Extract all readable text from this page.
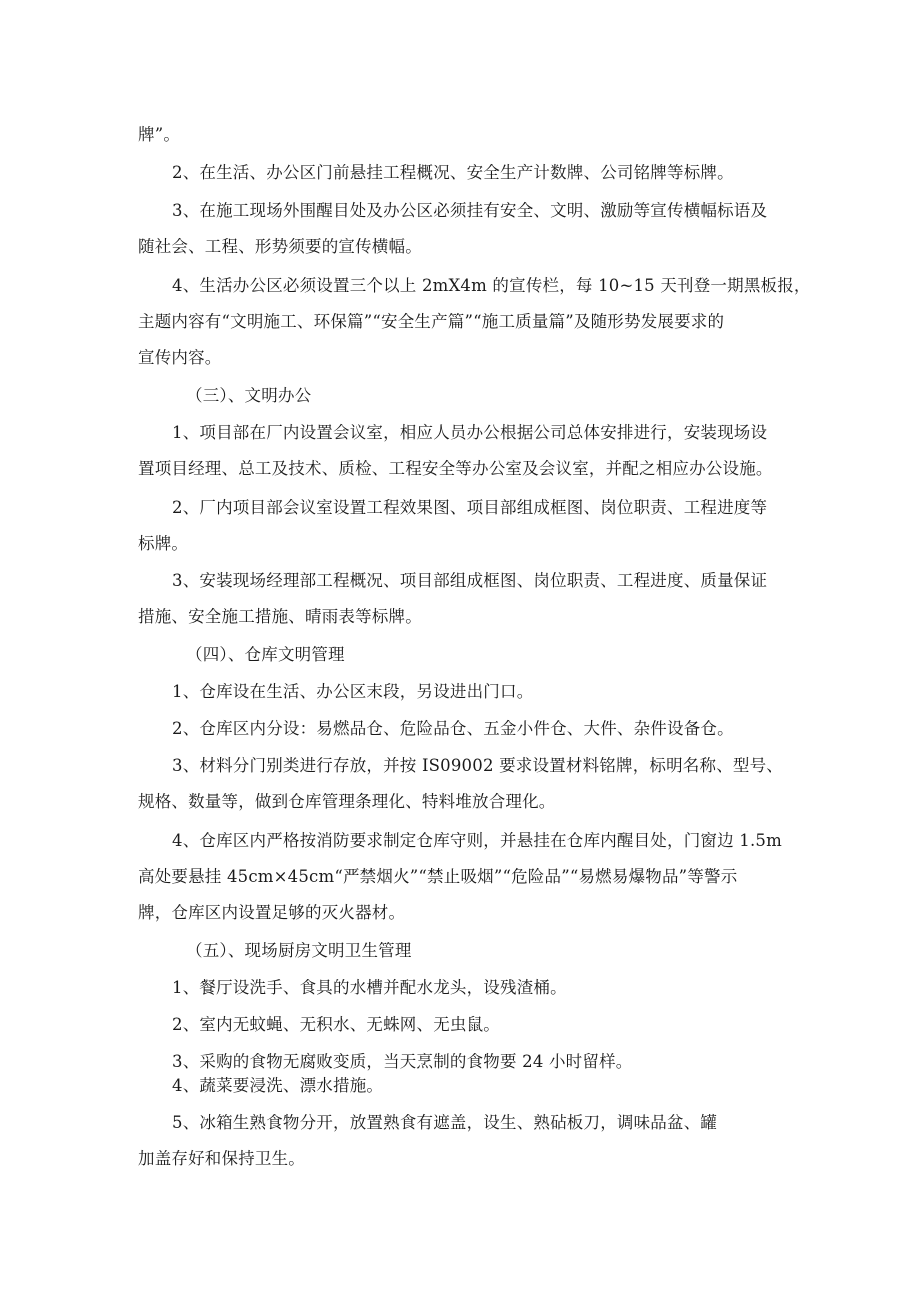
牌”。
2、在生活、办公区门前悬挂工程概况、安全生产计数牌、公司铭牌等标牌。
3、在施工现场外围醒目处及办公区必须挂有安全、文明、激励等宣传横幅标语及
随社会、工程、形势须要的宣传横幅。
4、生活办公区必须设置三个以上 2mX4m 的宣传栏，每 10~15 天刊登一期黑板报，
主题内容有“文明施工、环保篇”“安全生产篇”“施工质量篇”及随形势发展要求的
宣传内容。
（三）、文明办公
1、项目部在厂内设置会议室，相应人员办公根据公司总体安排进行，安装现场设
置项目经理、总工及技术、质检、工程安全等办公室及会议室，并配之相应办公设施。
2、厂内项目部会议室设置工程效果图、项目部组成框图、岗位职责、工程进度等
标牌。
3、安装现场经理部工程概况、项目部组成框图、岗位职责、工程进度、质量保证
措施、安全施工措施、晴雨表等标牌。
（四）、仓库文明管理
1、仓库设在生活、办公区末段，另设进出门口。
2、仓库区内分设：易燃品仓、危险品仓、五金小件仓、大件、杂件设备仓。
3、材料分门别类进行存放，并按 IS09002 要求设置材料铭牌，标明名称、型号、
规格、数量等，做到仓库管理条理化、特料堆放合理化。
4、仓库区内严格按消防要求制定仓库守则，并悬挂在仓库内醒目处，门窗边 1.5m
高处要悬挂 45cm×45cm“严禁烟火”“禁止吸烟”“危险品”“易燃易爆物品”等警示
牌，仓库区内设置足够的灭火器材。
（五）、现场厨房文明卫生管理
1、餐厅设洗手、食具的水槽并配水龙头，设残渣桶。
2、室内无蚊蝇、无积水、无蛛网、无虫鼠。
3、采购的食物无腐败变质，当天烹制的食物要 24 小时留样。
4、蔬菜要浸洗、漂水措施。
5、冰箱生熟食物分开，放置熟食有遮盖，设生、熟砧板刀，调味品盆、罐
加盖存好和保持卫生。
